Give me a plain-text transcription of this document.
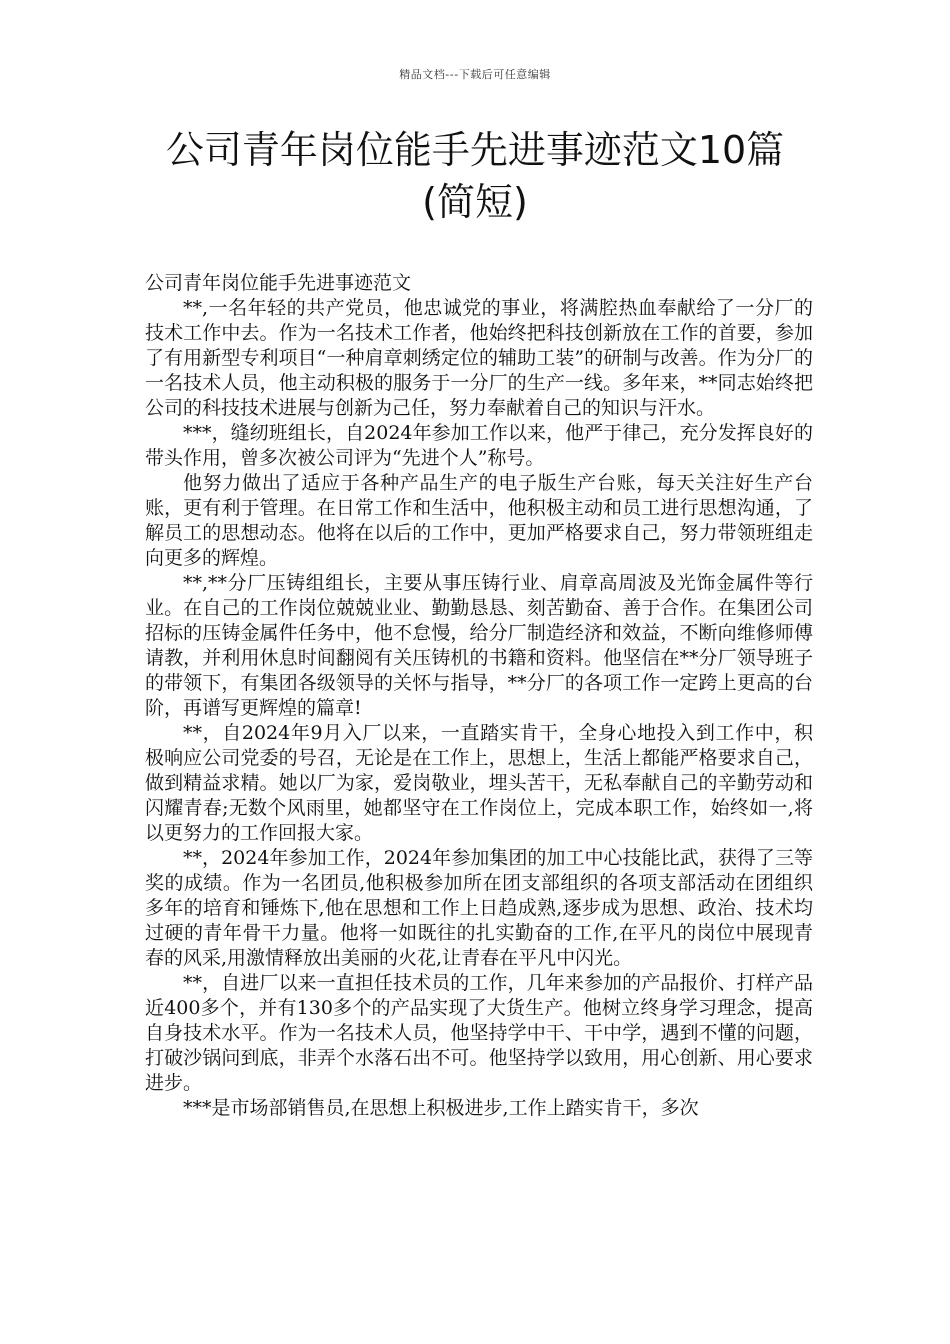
精品文档---下载后可任意编辑
公司青年岗位能手先进事迹范文10篇
(简短)

公司青年岗位能手先进事迹范文

**,一名年轻的共产党员，他忠诚党的事业，将满腔热血奉献给了一分厂的技术工作中去。作为一名技术工作者，他始终把科技创新放在工作的首要，参加了有用新型专利项目“一种肩章刺绣定位的辅助工装”的研制与改善。作为分厂的一名技术人员，他主动积极的服务于一分厂的生产一线。多年来，**同志始终把公司的科技技术进展与创新为己任，努力奉献着自己的知识与汗水。

***，缝纫班组长，自2024年参加工作以来，他严于律己，充分发挥良好的带头作用，曾多次被公司评为“先进个人”称号。

他努力做出了适应于各种产品生产的电子版生产台账，每天关注好生产台账，更有利于管理。在日常工作和生活中，他积极主动和员工进行思想沟通，了解员工的思想动态。他将在以后的工作中，更加严格要求自己，努力带领班组走向更多的辉煌。

**,**分厂压铸组组长，主要从事压铸行业、肩章高周波及光饰金属件等行业。在自己的工作岗位兢兢业业、勤勤恳恳、刻苦勤奋、善于合作。在集团公司招标的压铸金属件任务中，他不怠慢，给分厂制造经济和效益，不断向维修师傅请教，并利用休息时间翻阅有关压铸机的书籍和资料。他坚信在**分厂领导班子的带领下，有集团各级领导的关怀与指导，**分厂的各项工作一定跨上更高的台阶，再谱写更辉煌的篇章!

**，自2024年9月入厂以来，一直踏实肯干，全身心地投入到工作中，积极响应公司党委的号召，无论是在工作上，思想上，生活上都能严格要求自己，做到精益求精。她以厂为家，爱岗敬业，埋头苦干，无私奉献自己的辛勤劳动和闪耀青春;无数个风雨里，她都坚守在工作岗位上，完成本职工作，始终如一,将以更努力的工作回报大家。

**，2024年参加工作，2024年参加集团的加工中心技能比武，获得了三等奖的成绩。作为一名团员,他积极参加所在团支部组织的各项支部活动在团组织多年的培育和锤炼下,他在思想和工作上日趋成熟,逐步成为思想、政治、技术均过硬的青年骨干力量。他将一如既往的扎实勤奋的工作,在平凡的岗位中展现青春的风采,用激情释放出美丽的火花,让青春在平凡中闪光。

**，自进厂以来一直担任技术员的工作，几年来参加的产品报价、打样产品近400多个，并有130多个的产品实现了大货生产。他树立终身学习理念，提高自身技术水平。作为一名技术人员，他坚持学中干、干中学，遇到不懂的问题，打破沙锅问到底，非弄个水落石出不可。他坚持学以致用，用心创新、用心要求进步。

***是市场部销售员,在思想上积极进步,工作上踏实肯干，多次
